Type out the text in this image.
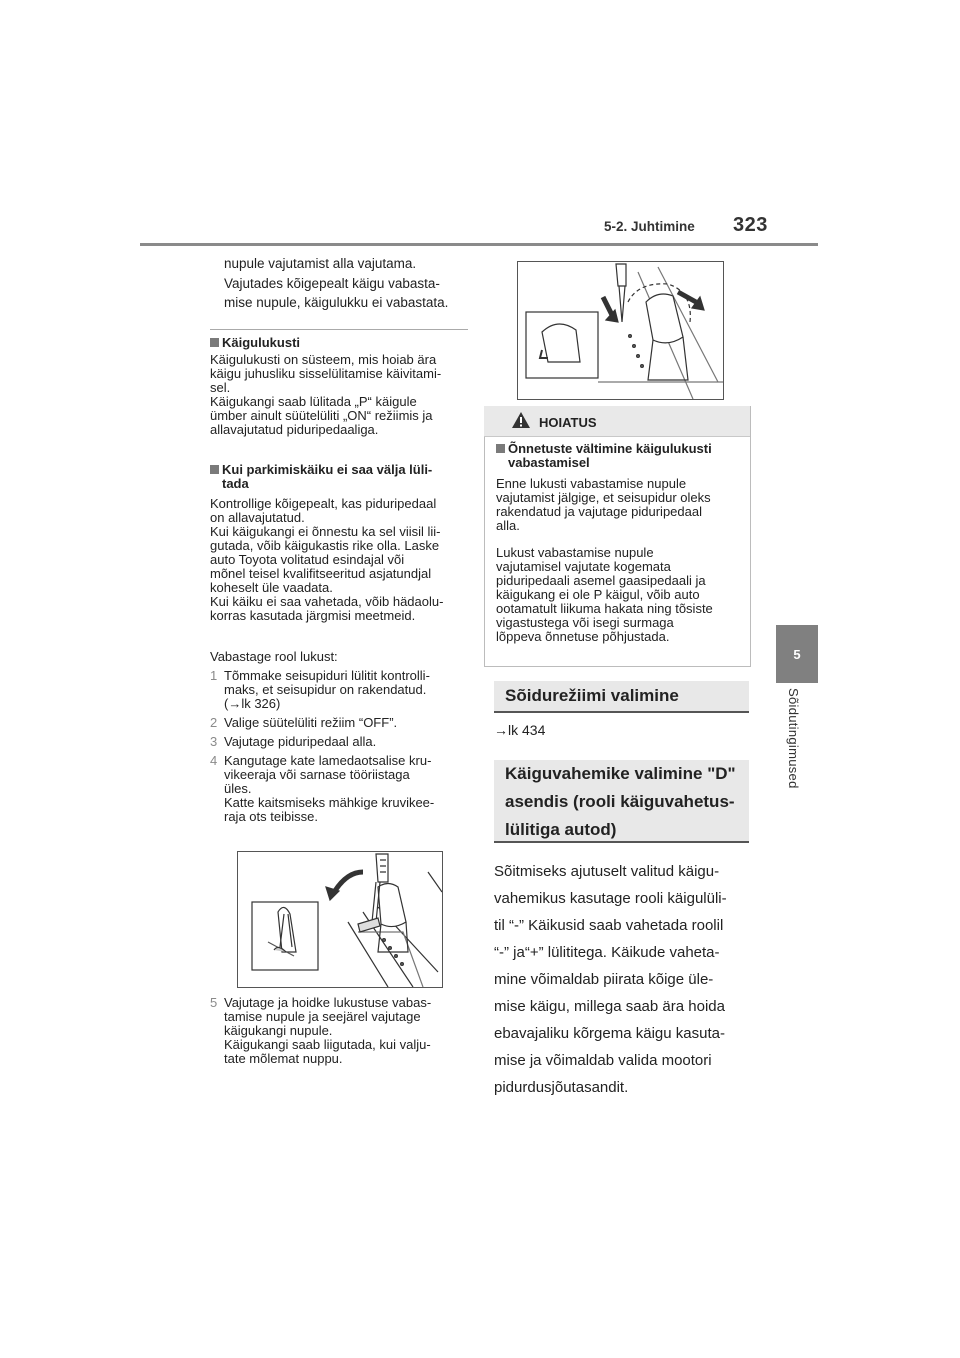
5-2. Juhtimine 323
5
Sõidutingimused

nupule vajutamist alla vajutama.

Vajutades kõigepealt käigu vabasta-

mise nupule, käigulukku ei vabastata.

Käigulukusti
Käigulukusti on süsteem, mis hoiab ära
käigu juhusliku sisselülitamise käivitami-
sel.
Käigukangi saab lülitada „P“ käigule
ümber ainult süütelüliti „ON“ režiimis ja
allavajutatud piduripedaaliga.
Kui parkimiskäiku ei saa välja lüli-
tada
Kontrollige kõigepealt, kas piduripedaal
on allavajutatud.
Kui käigukangi ei õnnestu ka sel viisil lii-
gutada, võib käigukastis rike olla. Laske
auto Toyota volitatud esindajal või
mõnel teisel kvalifitseeritud asjatundjal
koheselt üle vaadata.
Kui käiku ei saa vahetada, võib hädaolu-
korras kasutada järgmisi meetmeid.
Vabastage rool lukust:
1 Tõmmake seisupiduri lülitit kontrolli-
maks, et seisupidur on rakendatud.
(→lk 326)
2 Valige süütelüliti režiim “OFF”.
3 Vajutage piduripedaal alla.
4 Kangutage kate lamedaotsalise kru-
vikeeraja või sarnase tööriistaga
üles.
Katte kaitsmiseks mähkige kruvikee-
raja ots teibisse.
5 Vajutage ja hoidke lukustuse vabas-
tamise nupule ja seejärel vajutage
käigukangi nupule.
Käigukangi saab liigutada, kui valju-
tate mõlemat nuppu.
HOIATUS
Õnnetuste vältimine käigulukusti
vabastamisel
Enne lukusti vabastamise nupule
vajutamist jälgige, et seisupidur oleks
rakendatud ja vajutage piduripedaal
alla.
Lukust vabastamise nupule
vajutamisel vajutate kogemata
piduripedaali asemel gaasipedaali ja
käigukang ei ole P käigul, võib auto
ootamatult liikuma hakata ning tõsiste
vigastustega või isegi surmaga
lõppeva õnnetuse põhjustada.
Sõidurežiimi valimine
→lk 434
Käiguvahemike valimine "D"
asendis (rooli käiguvahetus-
lülitiga autod)
Sõitmiseks ajutuselt valitud käigu-
vahemikus kasutage rooli käigulüli-
til “-” Käikusid saab vahetada roolil
“-” ja“+” lülititega. Käikude vaheta-
mine võimaldab piirata kõige üle-
mise käigu, millega saab ära hoida
ebavajaliku kõrgema käigu kasuta-
mise ja võimaldab valida mootori
pidurdusjõutasandit.
